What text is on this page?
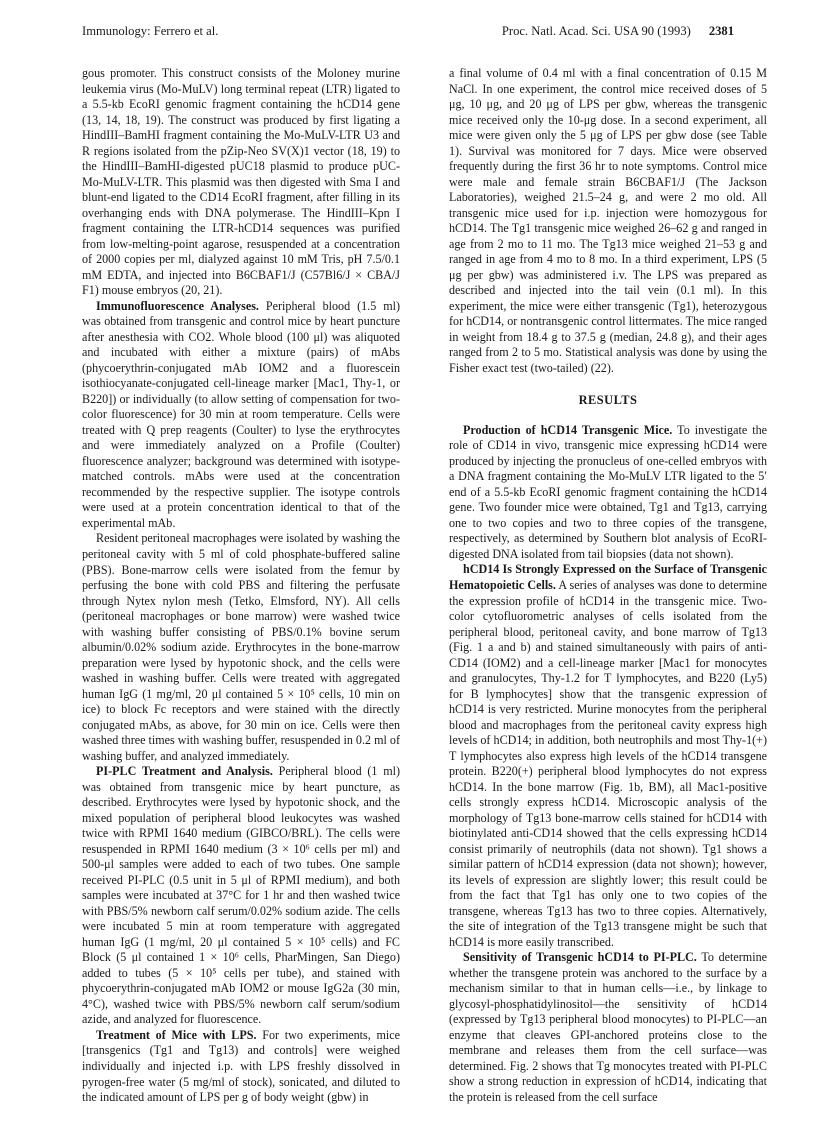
Immunology: Ferrero et al.	Proc. Natl. Acad. Sci. USA 90 (1993) 2381

gous promoter. This construct consists of the Moloney murine leukemia virus (Mo-MuLV) long terminal repeat (LTR) ligated to a 5.5-kb EcoRI genomic fragment containing the hCD14 gene (13, 14, 18, 19). The construct was produced by first ligating a HindIII–BamHI fragment containing the Mo-MuLV-LTR U3 and R regions isolated from the pZip-Neo SV(X)1 vector (18, 19) to the HindIII–BamHI-digested pUC18 plasmid to produce pUC-Mo-MuLV-LTR. This plasmid was then digested with Sma I and blunt-end ligated to the CD14 EcoRI fragment, after filling in its overhanging ends with DNA polymerase. The HindIII–Kpn I fragment containing the LTR-hCD14 sequences was purified from low-melting-point agarose, resuspended at a concentration of 2000 copies per ml, dialyzed against 10 mM Tris, pH 7.5/0.1 mM EDTA, and injected into B6CBAF1/J (C57Bl6/J × CBA/J F1) mouse embryos (20, 21).

Immunofluorescence Analyses. Peripheral blood (1.5 ml) was obtained from transgenic and control mice by heart puncture after anesthesia with CO2. Whole blood (100 μl) was aliquoted and incubated with either a mixture (pairs) of mAbs (phycoerythrin-conjugated mAb IOM2 and a fluorescein isothiocyanate-conjugated cell-lineage marker [Mac1, Thy-1, or B220]) or individually (to allow setting of compensation for two-color fluorescence) for 30 min at room temperature. Cells were treated with Q prep reagents (Coulter) to lyse the erythrocytes and were immediately analyzed on a Profile (Coulter) fluorescence analyzer; background was determined with isotype-matched controls. mAbs were used at the concentration recommended by the respective supplier. The isotype controls were used at a protein concentration identical to that of the experimental mAb.

Resident peritoneal macrophages were isolated by washing the peritoneal cavity with 5 ml of cold phosphate-buffered saline (PBS). Bone-marrow cells were isolated from the femur by perfusing the bone with cold PBS and filtering the perfusate through Nytex nylon mesh (Tetko, Elmsford, NY). All cells (peritoneal macrophages or bone marrow) were washed twice with washing buffer consisting of PBS/0.1% bovine serum albumin/0.02% sodium azide. Erythrocytes in the bone-marrow preparation were lysed by hypotonic shock, and the cells were washed in washing buffer. Cells were treated with aggregated human IgG (1 mg/ml, 20 μl contained 5 × 10⁵ cells, 10 min on ice) to block Fc receptors and were stained with the directly conjugated mAbs, as above, for 30 min on ice. Cells were then washed three times with washing buffer, resuspended in 0.2 ml of washing buffer, and analyzed immediately.

PI-PLC Treatment and Analysis. Peripheral blood (1 ml) was obtained from transgenic mice by heart puncture, as described. Erythrocytes were lysed by hypotonic shock, and the mixed population of peripheral blood leukocytes was washed twice with RPMI 1640 medium (GIBCO/BRL). The cells were resuspended in RPMI 1640 medium (3 × 10⁶ cells per ml) and 500-μl samples were added to each of two tubes. One sample received PI-PLC (0.5 unit in 5 μl of RPMI medium), and both samples were incubated at 37°C for 1 hr and then washed twice with PBS/5% newborn calf serum/0.02% sodium azide. The cells were incubated 5 min at room temperature with aggregated human IgG (1 mg/ml, 20 μl contained 5 × 10⁵ cells) and FC Block (5 μl contained 1 × 10⁶ cells, PharMingen, San Diego) added to tubes (5 × 10⁵ cells per tube), and stained with phycoerythrin-conjugated mAb IOM2 or mouse IgG2a (30 min, 4°C), washed twice with PBS/5% newborn calf serum/sodium azide, and analyzed for fluorescence.

Treatment of Mice with LPS. For two experiments, mice [transgenics (Tg1 and Tg13) and controls] were weighed individually and injected i.p. with LPS freshly dissolved in pyrogen-free water (5 mg/ml of stock), sonicated, and diluted to the indicated amount of LPS per g of body weight (gbw) in

a final volume of 0.4 ml with a final concentration of 0.15 M NaCl. In one experiment, the control mice received doses of 5 μg, 10 μg, and 20 μg of LPS per gbw, whereas the transgenic mice received only the 10-μg dose. In a second experiment, all mice were given only the 5 μg of LPS per gbw dose (see Table 1). Survival was monitored for 7 days. Mice were observed frequently during the first 36 hr to note symptoms. Control mice were male and female strain B6CBAF1/J (The Jackson Laboratories), weighed 21.5–24 g, and were 2 mo old. All transgenic mice used for i.p. injection were homozygous for hCD14. The Tg1 transgenic mice weighed 26–62 g and ranged in age from 2 mo to 11 mo. The Tg13 mice weighed 21–53 g and ranged in age from 4 mo to 8 mo. In a third experiment, LPS (5 μg per gbw) was administered i.v. The LPS was prepared as described and injected into the tail vein (0.1 ml). In this experiment, the mice were either transgenic (Tg1), heterozygous for hCD14, or nontransgenic control littermates. The mice ranged in weight from 18.4 g to 37.5 g (median, 24.8 g), and their ages ranged from 2 to 5 mo. Statistical analysis was done by using the Fisher exact test (two-tailed) (22).

RESULTS

Production of hCD14 Transgenic Mice. To investigate the role of CD14 in vivo, transgenic mice expressing hCD14 were produced by injecting the pronucleus of one-celled embryos with a DNA fragment containing the Mo-MuLV LTR ligated to the 5′ end of a 5.5-kb EcoRI genomic fragment containing the hCD14 gene. Two founder mice were obtained, Tg1 and Tg13, carrying one to two copies and two to three copies of the transgene, respectively, as determined by Southern blot analysis of EcoRI-digested DNA isolated from tail biopsies (data not shown).

hCD14 Is Strongly Expressed on the Surface of Transgenic Hematopoietic Cells. A series of analyses was done to determine the expression profile of hCD14 in the transgenic mice. Two-color cytofluorometric analyses of cells isolated from the peripheral blood, peritoneal cavity, and bone marrow of Tg13 (Fig. 1 a and b) and stained simultaneously with pairs of anti-CD14 (IOM2) and a cell-lineage marker [Mac1 for monocytes and granulocytes, Thy-1.2 for T lymphocytes, and B220 (Ly5) for B lymphocytes] show that the transgenic expression of hCD14 is very restricted. Murine monocytes from the peripheral blood and macrophages from the peritoneal cavity express high levels of hCD14; in addition, both neutrophils and most Thy-1(+) T lymphocytes also express high levels of the hCD14 transgene protein. B220(+) peripheral blood lymphocytes do not express hCD14. In the bone marrow (Fig. 1b, BM), all Mac1-positive cells strongly express hCD14. Microscopic analysis of the morphology of Tg13 bone-marrow cells stained for hCD14 with biotinylated anti-CD14 showed that the cells expressing hCD14 consist primarily of neutrophils (data not shown). Tg1 shows a similar pattern of hCD14 expression (data not shown); however, its levels of expression are slightly lower; this result could be from the fact that Tg1 has only one to two copies of the transgene, whereas Tg13 has two to three copies. Alternatively, the site of integration of the Tg13 transgene might be such that hCD14 is more easily transcribed.

Sensitivity of Transgenic hCD14 to PI-PLC. To determine whether the transgene protein was anchored to the surface by a mechanism similar to that in human cells—i.e., by linkage to glycosyl-phosphatidylinositol—the sensitivity of hCD14 (expressed by Tg13 peripheral blood monocytes) to PI-PLC—an enzyme that cleaves GPI-anchored proteins close to the membrane and releases them from the cell surface—was determined. Fig. 2 shows that Tg monocytes treated with PI-PLC show a strong reduction in expression of hCD14, indicating that the protein is released from the cell surface
